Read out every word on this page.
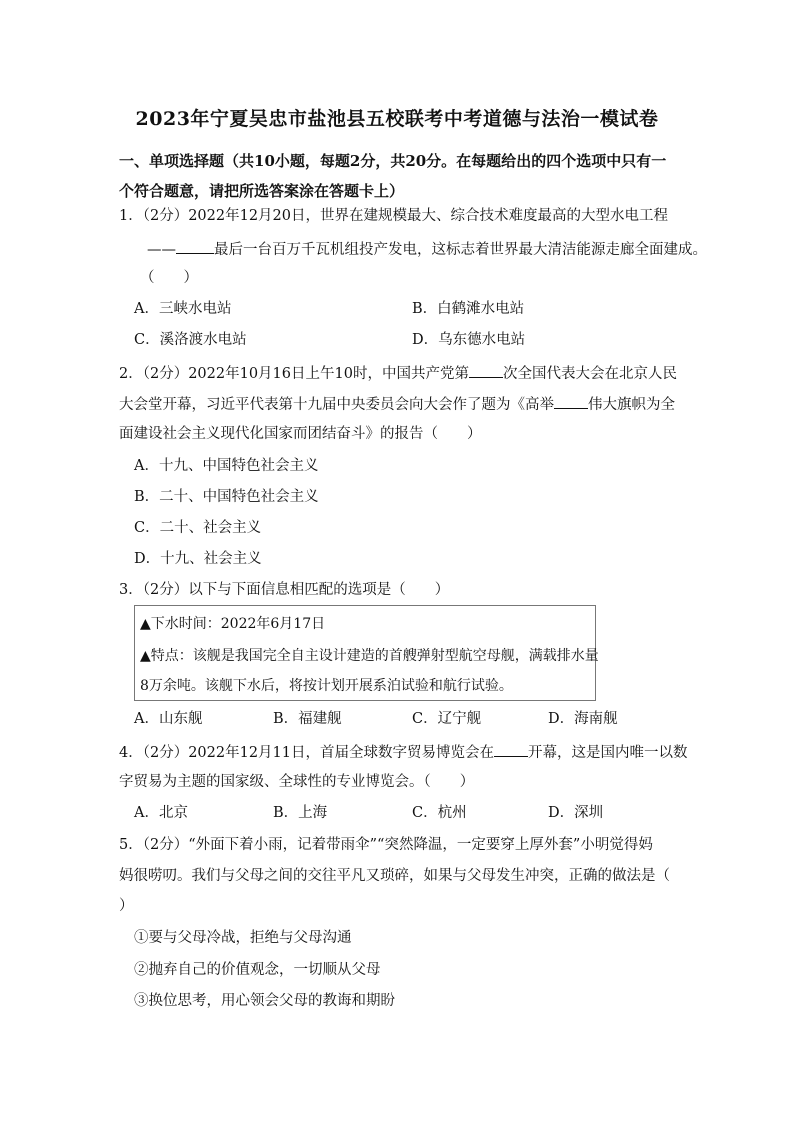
2023年宁夏吴忠市盐池县五校联考中考道德与法治一模试卷
一、单项选择题（共10小题，每题2分，共20分。在每题给出的四个选项中只有一个符合题意，请把所选答案涂在答题卡上）
1．（2分）2022年12月20日，世界在建规模最大、综合技术难度最高的大型水电工程
——	最后一台百万千瓦机组投产发电，这标志着世界最大清洁能源走廊全面建成。
（　　）
A．三峡水电站	B．白鹤滩水电站
C．溪洛渡水电站	D．乌东德水电站
2．（2分）2022年10月16日上午10时，中国共产党第 次全国代表大会在北京人民
大会堂开幕，习近平代表第十九届中央委员会向大会作了题为《高举 伟大旗帜为全
面建设社会主义现代化国家而团结奋斗》的报告（　　）
A．十九、中国特色社会主义
B．二十、中国特色社会主义
C．二十、社会主义
D．十九、社会主义
3．（2分）以下与下面信息相匹配的选项是（　　）
▲下水时间：2022年6月17日
▲特点：该舰是我国完全自主设计建造的首艘弹射型航空母舰，满载排水量
8万余吨。该舰下水后，将按计划开展系泊试验和航行试验。
A．山东舰	B．福建舰	C．辽宁舰	D．海南舰
4．（2分）2022年12月11日，首届全球数字贸易博览会在 开幕，这是国内唯一以数
字贸易为主题的国家级、全球性的专业博览会。（　　）
A．北京	B．上海	C．杭州	D．深圳
5．（2分）“外面下着小雨，记着带雨伞”“突然降温，一定要穿上厚外套”小明觉得妈
妈很唠叨。我们与父母之间的交往平凡又琐碎，如果与父母发生冲突，正确的做法是（
）
①要与父母冷战，拒绝与父母沟通
②抛弃自己的价值观念，一切顺从父母
③换位思考，用心领会父母的教诲和期盼
